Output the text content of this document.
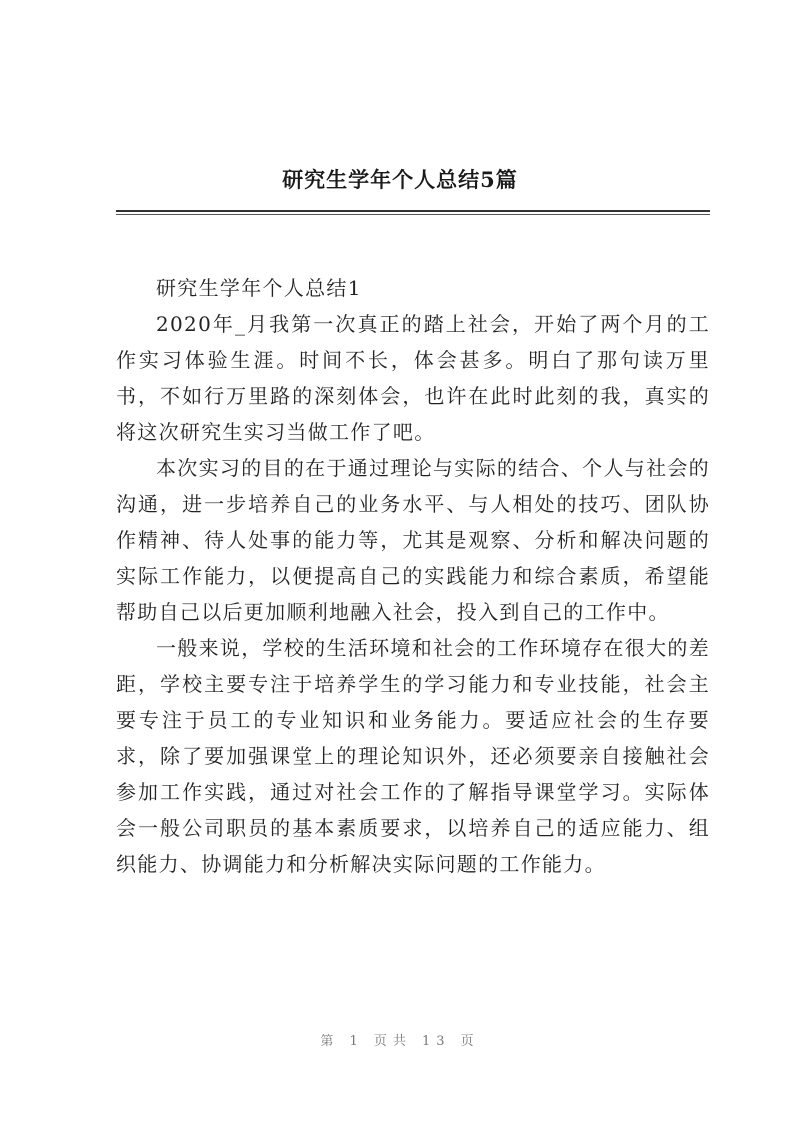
研究生学年个人总结5篇

研究生学年个人总结1

2020年_月我第一次真正的踏上社会，开始了两个月的工作实习体验生涯。时间不长，体会甚多。明白了那句读万里书，不如行万里路的深刻体会，也许在此时此刻的我，真实的将这次研究生实习当做工作了吧。

本次实习的目的在于通过理论与实际的结合、个人与社会的沟通，进一步培养自己的业务水平、与人相处的技巧、团队协作精神、待人处事的能力等，尤其是观察、分析和解决问题的实际工作能力，以便提高自己的实践能力和综合素质，希望能帮助自己以后更加顺利地融入社会，投入到自己的工作中。

一般来说，学校的生活环境和社会的工作环境存在很大的差距，学校主要专注于培养学生的学习能力和专业技能，社会主要专注于员工的专业知识和业务能力。要适应社会的生存要求，除了要加强课堂上的理论知识外，还必须要亲自接触社会参加工作实践，通过对社会工作的了解指导课堂学习。实际体会一般公司职员的基本素质要求，以培养自己的适应能力、组织能力、协调能力和分析解决实际问题的工作能力。

第 1 页共 13 页
